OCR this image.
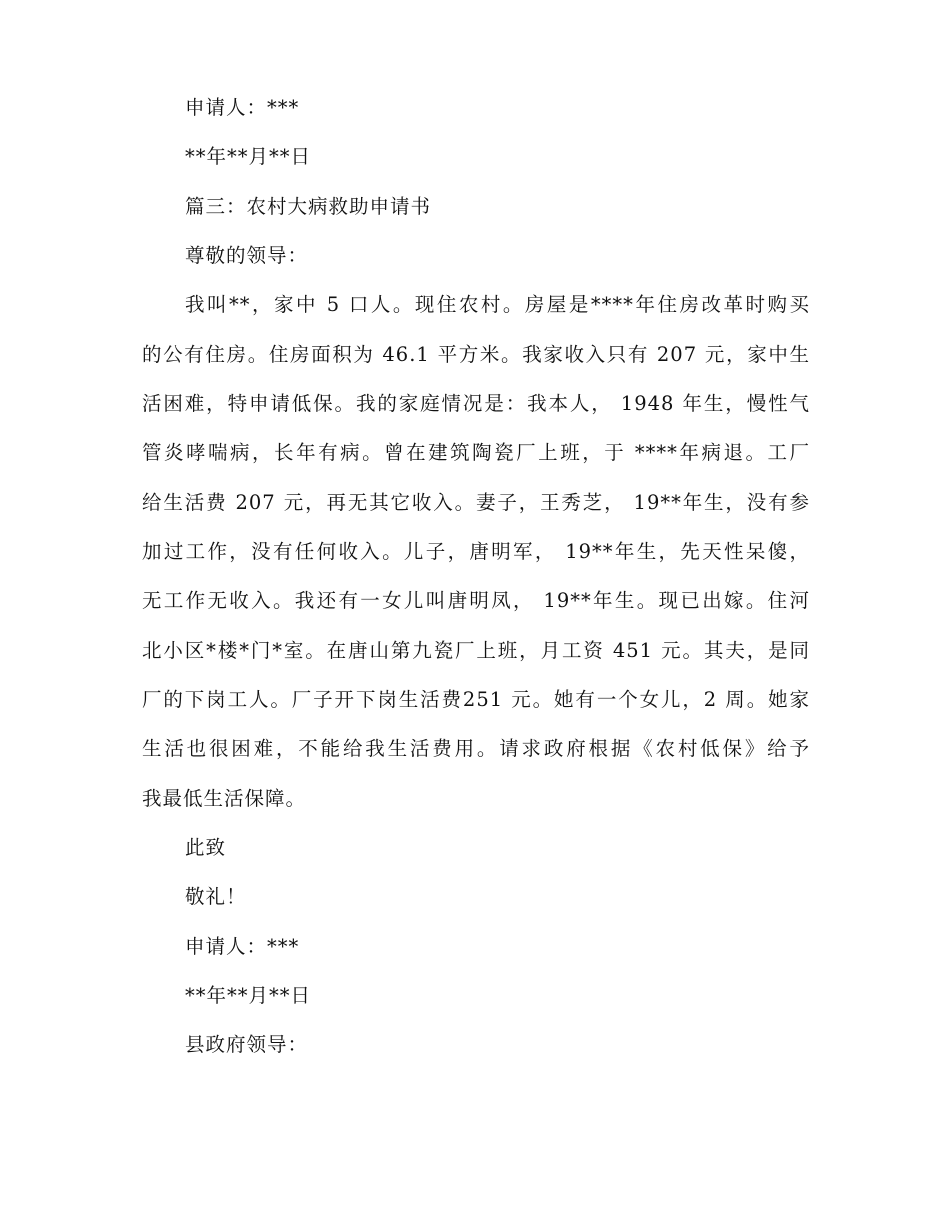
申请人：***
**年**月**日
篇三：农村大病救助申请书
尊敬的领导：
我叫**，家中 5 口人。现住农村。房屋是****年住房改革时购买
的公有住房。住房面积为 46.1 平方米。我家收入只有 207 元，家中生
活困难，特申请低保。我的家庭情况是：我本人， 1948 年生，慢性气
管炎哮喘病，长年有病。曾在建筑陶瓷厂上班，于 ****年病退。工厂
给生活费 207 元，再无其它收入。妻子，王秀芝， 19**年生，没有参
加过工作，没有任何收入。儿子，唐明军， 19**年生，先天性呆傻，
无工作无收入。我还有一女儿叫唐明凤， 19**年生。现已出嫁。住河
北小区*楼*门*室。在唐山第九瓷厂上班，月工资 451 元。其夫，是同
厂的下岗工人。厂子开下岗生活费251 元。她有一个女儿，2 周。她家
生活也很困难，不能给我生活费用。请求政府根据《农村低保》给予
我最低生活保障。
此致
敬礼！
申请人：***
**年**月**日
县政府领导：
